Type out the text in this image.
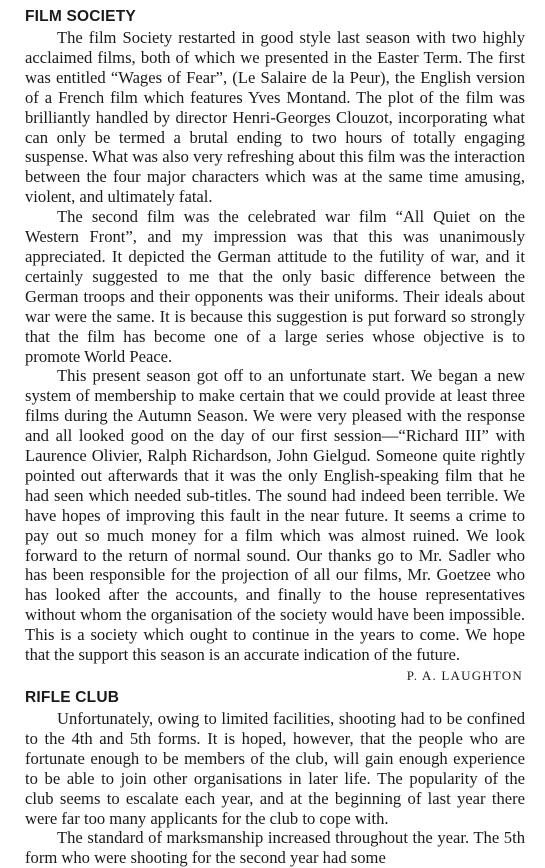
FILM SOCIETY

The film Society restarted in good style last season with two highly acclaimed films, both of which we presented in the Easter Term. The first was entitled “Wages of Fear”, (Le Salaire de la Peur), the English version of a French film which features Yves Montand. The plot of the film was brilliantly handled by director Henri-Georges Clouzot, incorporating what can only be termed a brutal ending to two hours of totally engaging suspense. What was also very refreshing about this film was the interaction between the four major characters which was at the same time amusing, violent, and ultimately fatal.

The second film was the celebrated war film “All Quiet on the Western Front”, and my impression was that this was unanimously appreciated. It depicted the German attitude to the futility of war, and it certainly suggested to me that the only basic difference between the German troops and their opponents was their uniforms. Their ideals about war were the same. It is because this suggestion is put forward so strongly that the film has become one of a large series whose objective is to promote World Peace.

This present season got off to an unfortunate start. We began a new system of membership to make certain that we could provide at least three films during the Autumn Season. We were very pleased with the response and all looked good on the day of our first session—“Richard III” with Laurence Olivier, Ralph Richardson, John Gielgud. Someone quite rightly pointed out afterwards that it was the only English-speaking film that he had seen which needed sub-titles. The sound had indeed been terrible. We have hopes of improving this fault in the near future. It seems a crime to pay out so much money for a film which was almost ruined. We look forward to the return of normal sound. Our thanks go to Mr. Sadler who has been responsible for the projection of all our films, Mr. Goetzee who has looked after the accounts, and finally to the house representatives without whom the organisation of the society would have been impossible. This is a society which ought to continue in the years to come. We hope that the support this season is an accurate indication of the future.

P. A. LAUGHTON

RIFLE CLUB

Unfortunately, owing to limited facilities, shooting had to be confined to the 4th and 5th forms. It is hoped, however, that the people who are fortunate enough to be members of the club, will gain enough experience to be able to join other organisations in later life. The popularity of the club seems to escalate each year, and at the beginning of last year there were far too many applicants for the club to cope with.

The standard of marksmanship increased throughout the year. The 5th form who were shooting for the second year had some
